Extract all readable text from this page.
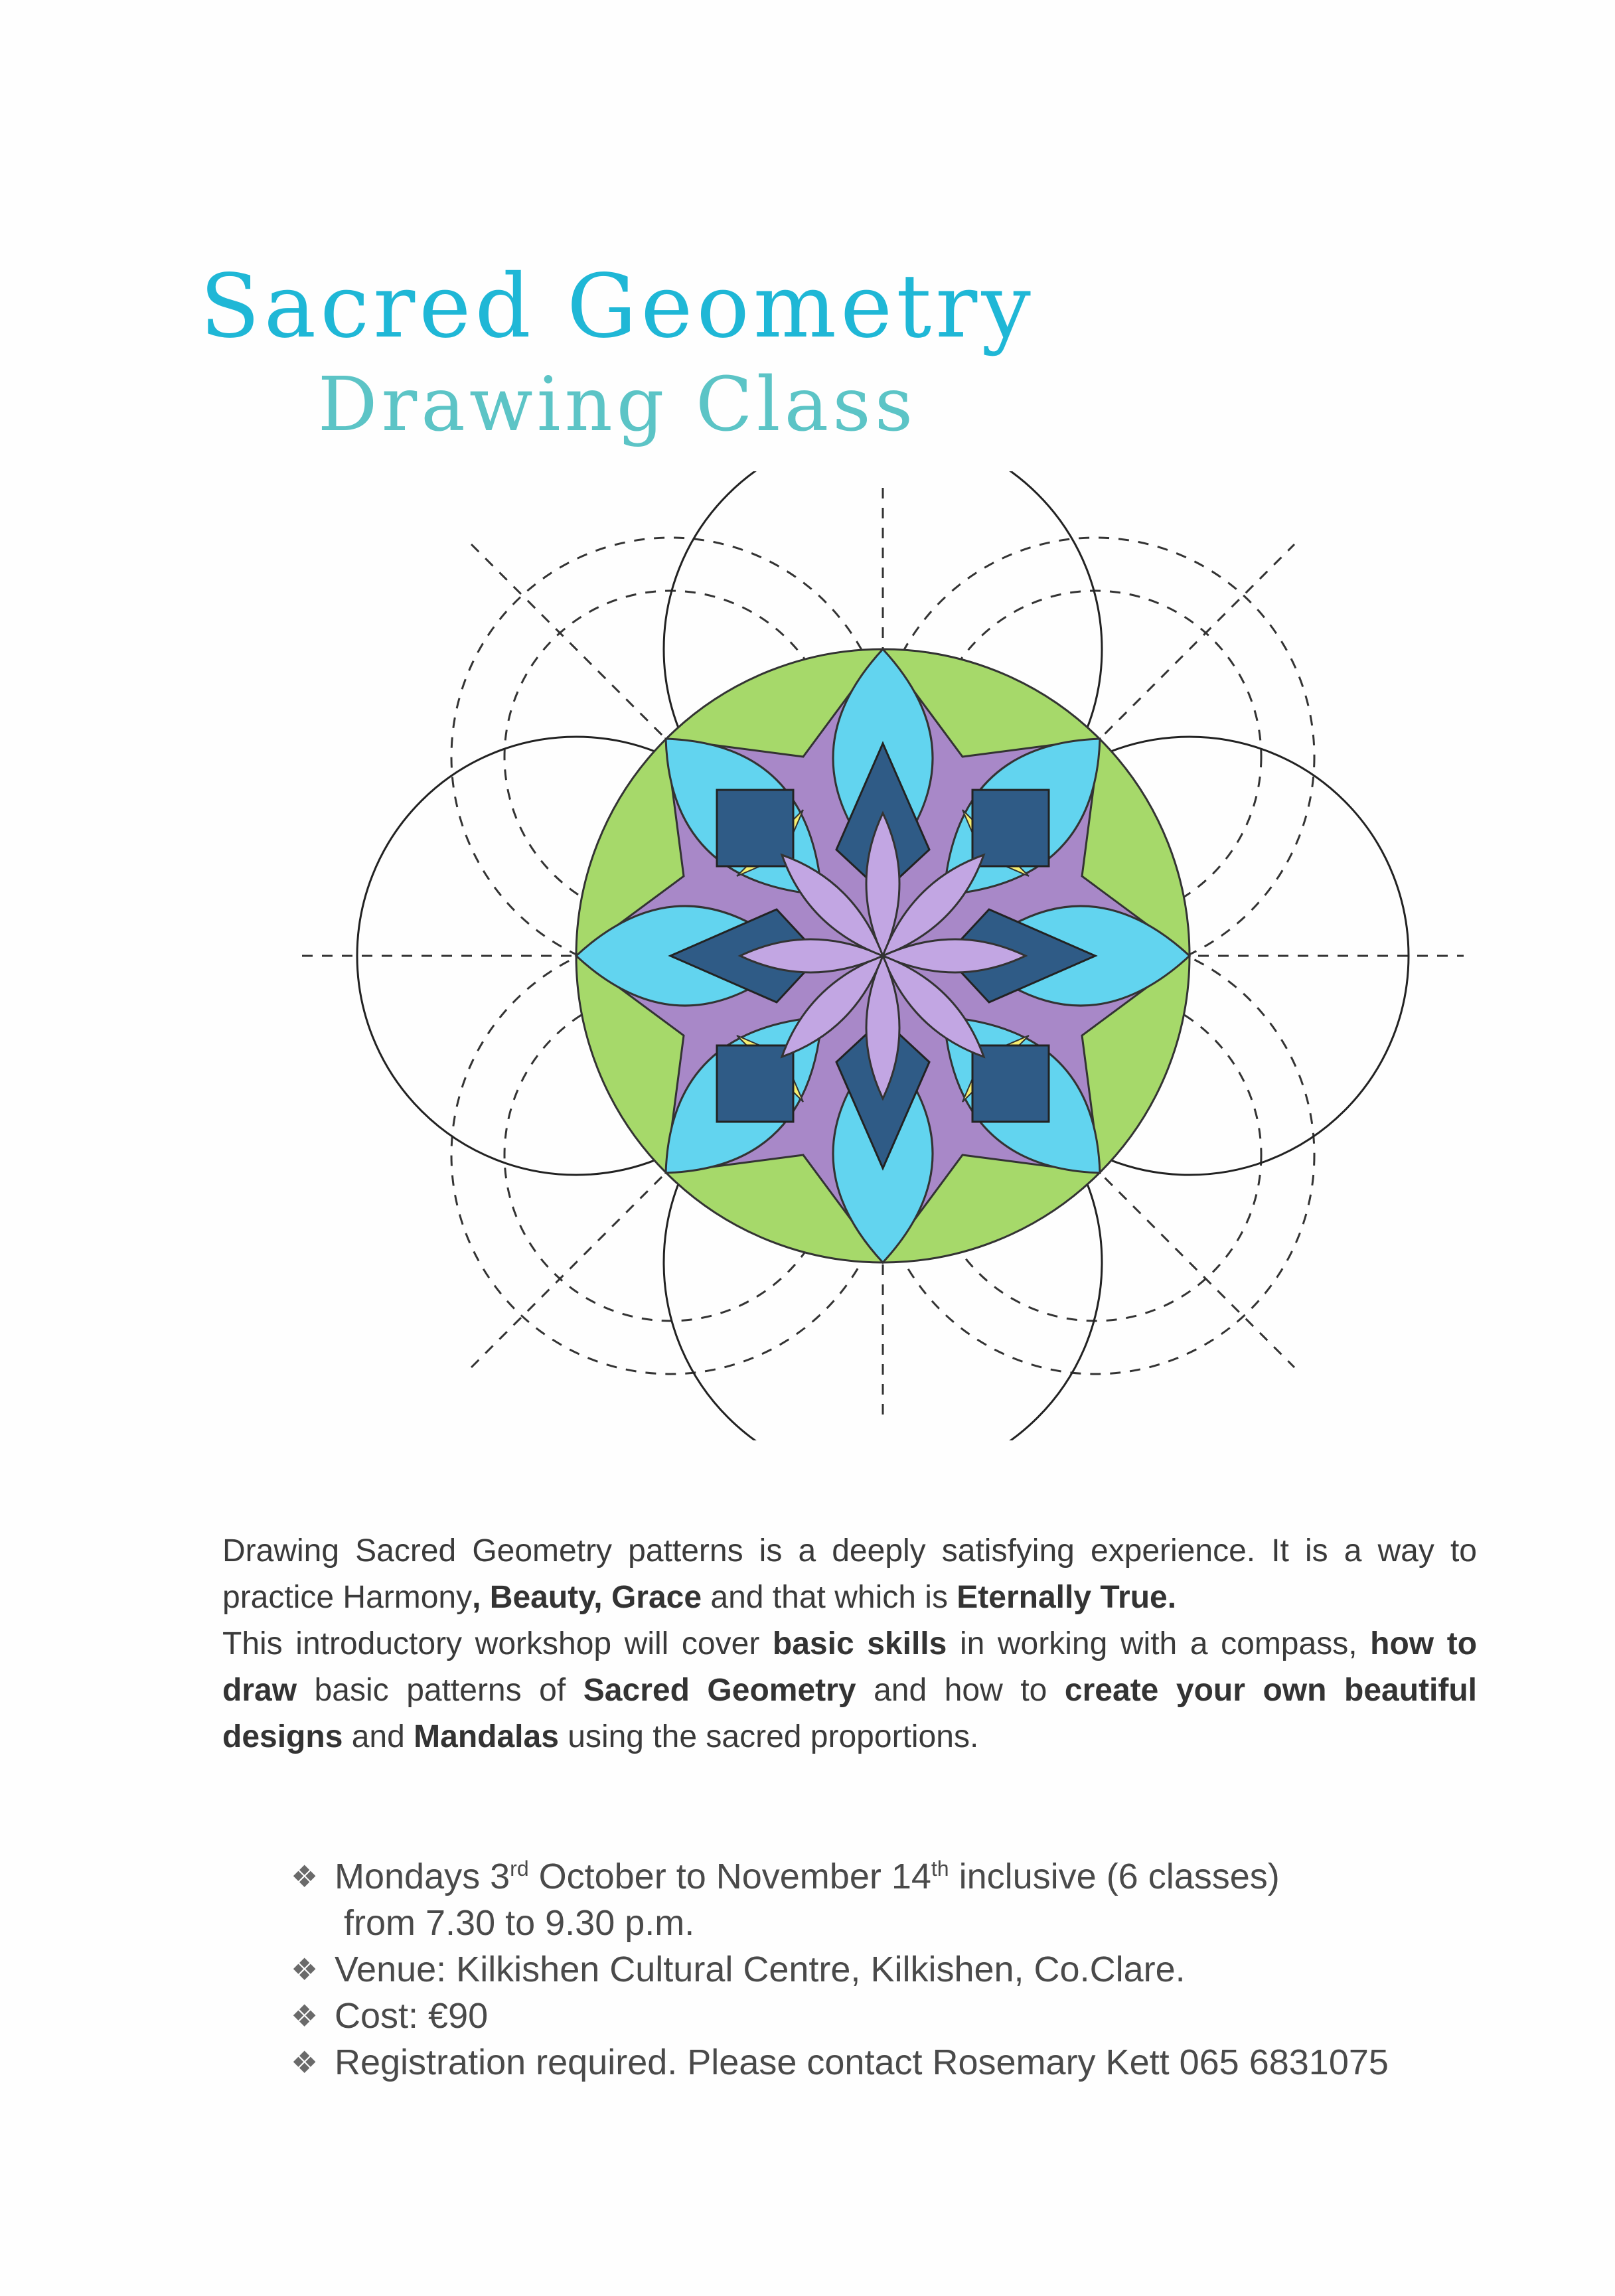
Sacred Geometry
Drawing Class

Drawing Sacred Geometry patterns is a deeply satisfying experience. It is a way to practice Harmony, Beauty, Grace and that which is Eternally True.

This introductory workshop will cover basic skills in working with a compass, how to draw basic patterns of Sacred Geometry and how to create your own beautiful designs and Mandalas using the sacred proportions.

❖ Mondays 3rd October to November 14th inclusive (6 classes)
from 7.30 to 9.30 p.m.
❖ Venue: Kilkishen Cultural Centre, Kilkishen, Co.Clare.
❖ Cost: €90
❖ Registration required. Please contact Rosemary Kett 065 6831075
